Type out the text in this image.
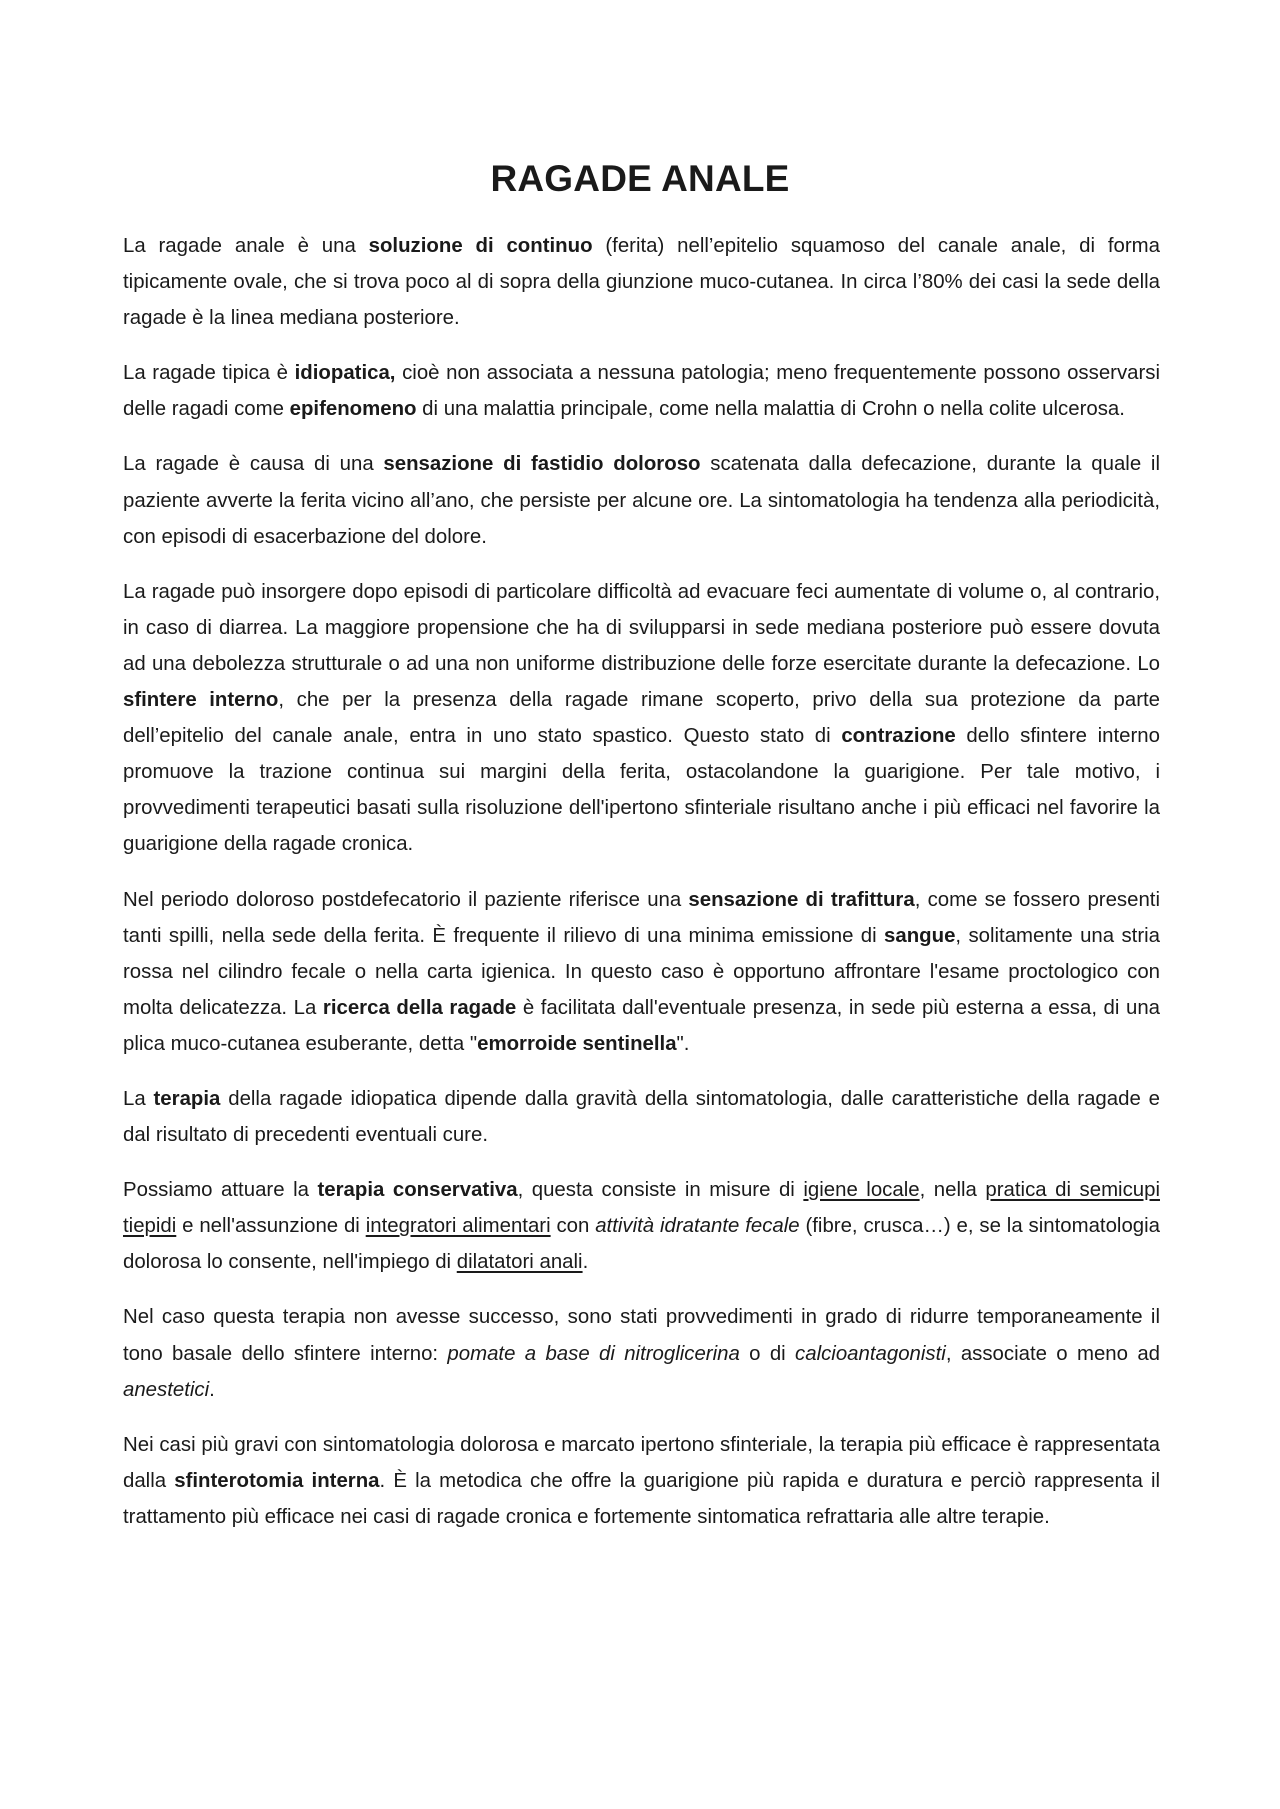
RAGADE ANALE

La ragade anale è una soluzione di continuo (ferita) nell’epitelio squamoso del canale anale, di forma tipicamente ovale, che si trova poco al di sopra della giunzione muco-cutanea. In circa l’80% dei casi la sede della ragade è la linea mediana posteriore.

La ragade tipica è idiopatica, cioè non associata a nessuna patologia; meno frequentemente possono osservarsi delle ragadi come epifenomeno di una malattia principale, come nella malattia di Crohn o nella colite ulcerosa.

La ragade è causa di una sensazione di fastidio doloroso scatenata dalla defecazione, durante la quale il paziente avverte la ferita vicino all’ano, che persiste per alcune ore. La sintomatologia ha tendenza alla periodicità, con episodi di esacerbazione del dolore.

La ragade può insorgere dopo episodi di particolare difficoltà ad evacuare feci aumentate di volume o, al contrario, in caso di diarrea. La maggiore propensione che ha di svilupparsi in sede mediana posteriore può essere dovuta ad una debolezza strutturale o ad una non uniforme distribuzione delle forze esercitate durante la defecazione. Lo sfintere interno, che per la presenza della ragade rimane scoperto, privo della sua protezione da parte dell’epitelio del canale anale, entra in uno stato spastico. Questo stato di contrazione dello sfintere interno promuove la trazione continua sui margini della ferita, ostacolandone la guarigione. Per tale motivo, i provvedimenti terapeutici basati sulla risoluzione dell'ipertono sfinteriale risultano anche i più efficaci nel favorire la guarigione della ragade cronica.

Nel periodo doloroso postdefecatorio il paziente riferisce una sensazione di trafittura, come se fossero presenti tanti spilli, nella sede della ferita. È frequente il rilievo di una minima emissione di sangue, solitamente una stria rossa nel cilindro fecale o nella carta igienica. In questo caso è opportuno affrontare l'esame proctologico con molta delicatezza. La ricerca della ragade è facilitata dall'eventuale presenza, in sede più esterna a essa, di una plica muco-cutanea esuberante, detta "emorroide sentinella".

La terapia della ragade idiopatica dipende dalla gravità della sintomatologia, dalle caratteristiche della ragade e dal risultato di precedenti eventuali cure.

Possiamo attuare la terapia conservativa, questa consiste in misure di igiene locale, nella pratica di semicupi tiepidi e nell'assunzione di integratori alimentari con attività idratante fecale (fibre, crusca…) e, se la sintomatologia dolorosa lo consente, nell'impiego di dilatatori anali.

Nel caso questa terapia non avesse successo, sono stati provvedimenti in grado di ridurre temporaneamente il tono basale dello sfintere interno: pomate a base di nitroglicerina o di calcioantagonisti, associate o meno ad anestetici.

Nei casi più gravi con sintomatologia dolorosa e marcato ipertono sfinteriale, la terapia più efficace è rappresentata dalla sfinterotomia interna. È la metodica che offre la guarigione più rapida e duratura e perciò rappresenta il trattamento più efficace nei casi di ragade cronica e fortemente sintomatica refrattaria alle altre terapie.
